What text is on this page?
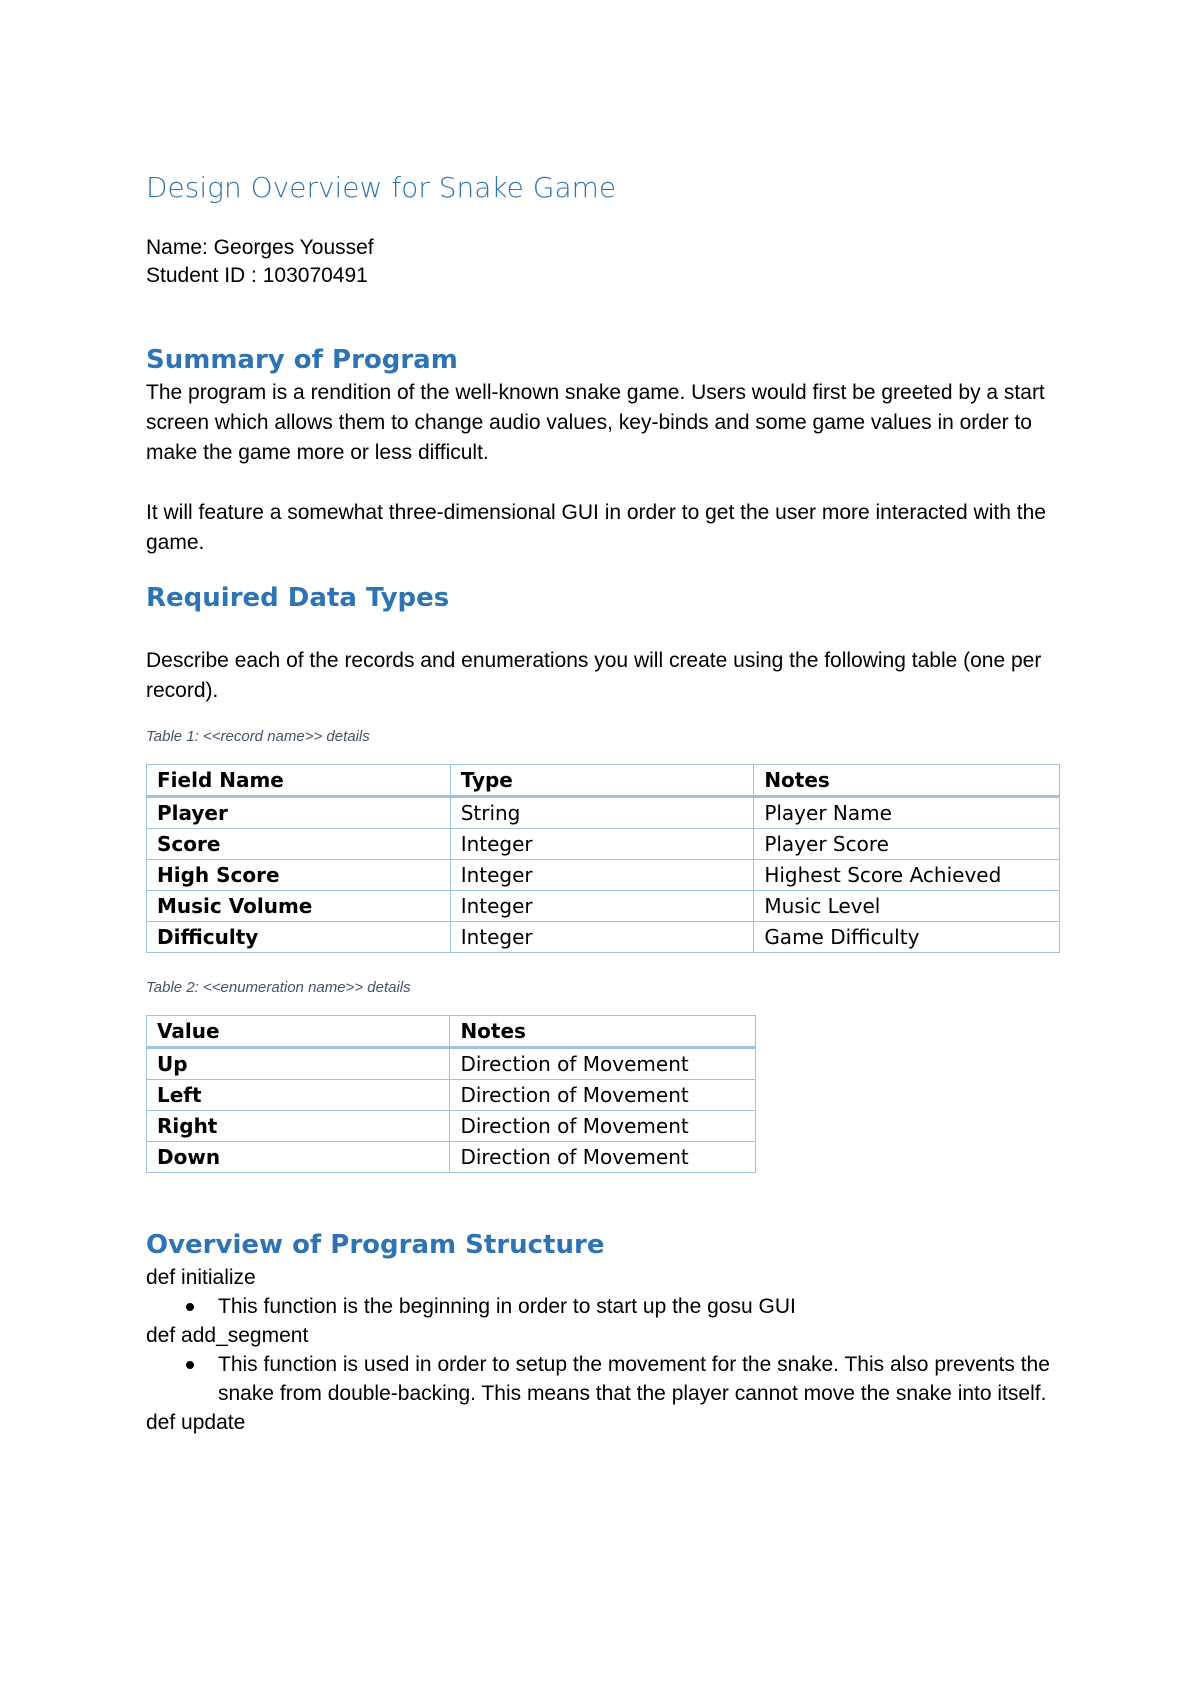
Design Overview for Snake Game

Name: Georges Youssef

Student ID : 103070491

Summary of Program

The program is a rendition of the well-known snake game. Users would first be greeted by a start screen which allows them to change audio values, key-binds and some game values in order to make the game more or less difficult.

It will feature a somewhat three-dimensional GUI in order to get the user more interacted with the game.

Required Data Types

Describe each of the records and enumerations you will create using the following table (one per record).

Table 1: <<record name>> details

Field Name	Type	Notes
Player	String	Player Name
Score	Integer	Player Score
High Score	Integer	Highest Score Achieved
Music Volume	Integer	Music Level
Difficulty	Integer	Game Difficulty

Table 2: <<enumeration name>> details

Value	Notes
Up	Direction of Movement
Left	Direction of Movement
Right	Direction of Movement
Down	Direction of Movement
Overview of Program Structure

def initialize

This function is the beginning in order to start up the gosu GUI

def add_segment

This function is used in order to setup the movement for the snake. This also prevents the snake from double-backing. This means that the player cannot move the snake into itself.

def update
